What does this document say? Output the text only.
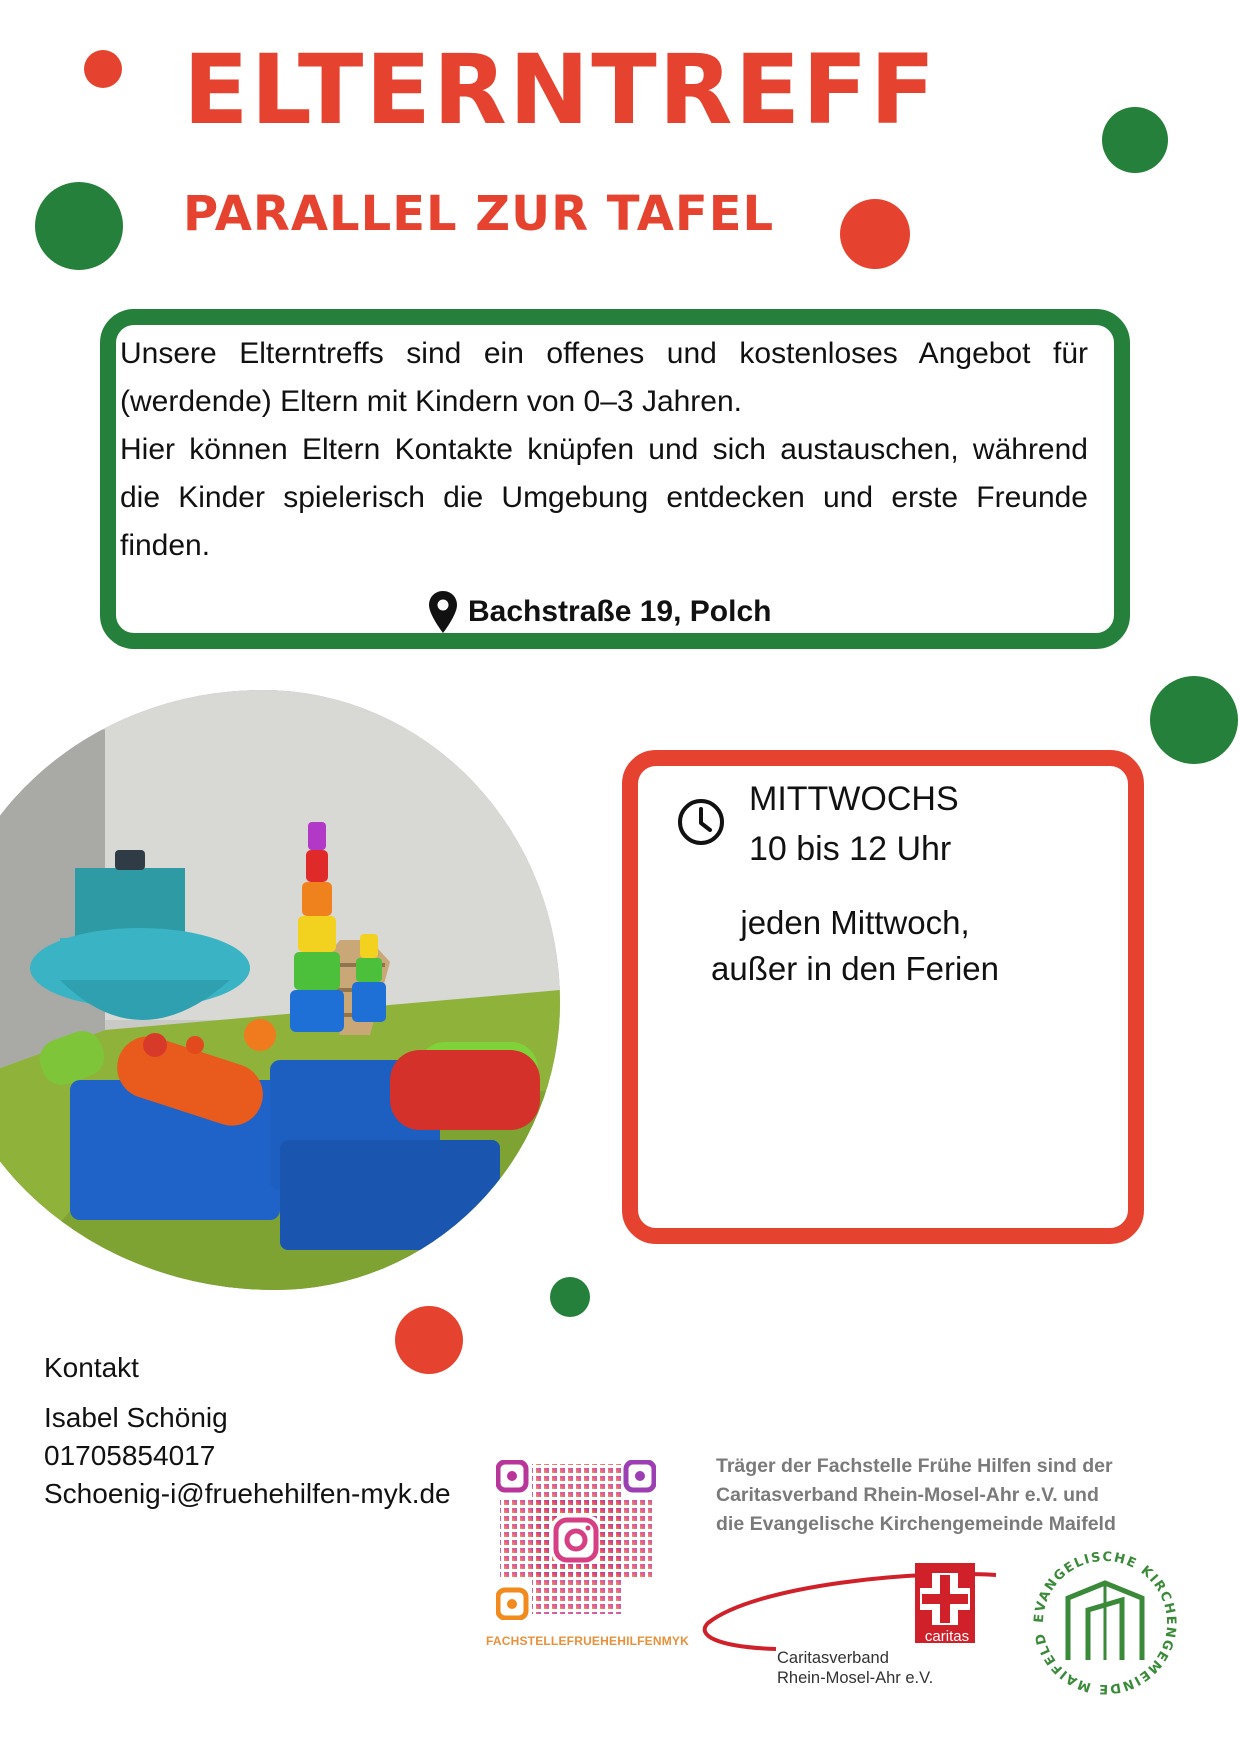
ELTERNTREFF
PARALLEL ZUR TAFEL

Unsere Elterntreffs sind ein offenes und kostenloses Angebot für (werdende) Eltern mit Kindern von 0–3 Jahren.

Hier können Eltern Kontakte knüpfen und sich austauschen, während die Kinder spielerisch die Umgebung entdecken und erste Freunde finden.

Bachstraße 19, Polch
MITTWOCHS
10 bis 12 Uhr
jeden Mittwoch,
außer in den Ferien
Kontakt
Isabel Schönig
01705854017
Schoenig-i@fruehehilfen-myk.de
FACHSTELLEFRUEHEHILFENMYK

Träger der Fachstelle Frühe Hilfen sind der

Caritasverband Rhein-Mosel-Ahr e.V. und

die Evangelische Kirchengemeinde Maifeld

caritas
Caritasverband
Rhein-Mosel-Ahr e.V.
EVANGELISCHE KIRCHENGEMEINDE MAIFELD
